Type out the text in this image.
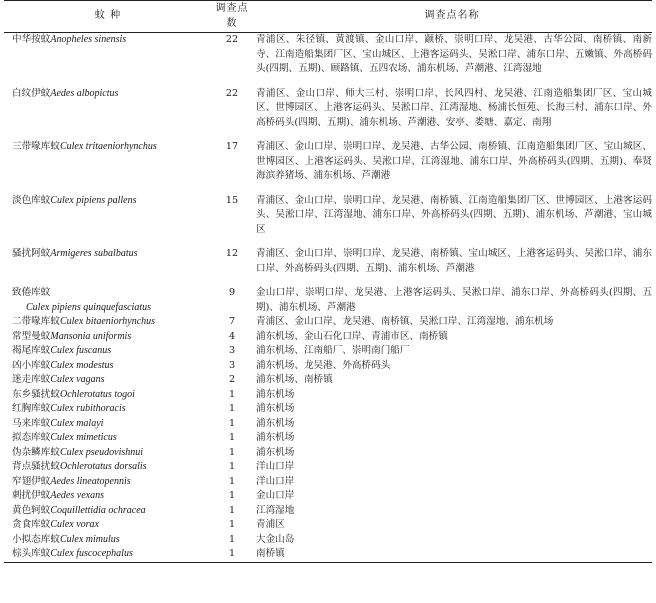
蚊 种	调查点数	调查点名称
中华按蚊Anopheles sinensis	22	青浦区、朱径镇、黄渡镇、金山口岸、颛桥、崇明口岸、龙吴港、古华公园、南桥镇、南新寺、江南造船集团厂区、宝山城区、上港客运码头、吴淞口岸、浦东口岸、五嫩镇、外高桥码头(四期、五期)、顾路镇、五四农场、浦东机场、芦潮港、江湾湿地
白纹伊蚊Aedes albopictus	22	青浦区、金山口岸、师大三村、崇明口岸、长风四村、龙吴港、江南造船集团厂区、宝山城区、世博园区、上港客运码头、吴淞口岸、江湾湿地、杨浦长恒苑、长海三村、浦东口岸、外高桥码头(四期、五期)、浦东机场、芦潮港、安亭、娄塘、嘉定、南翔
三带喙库蚊Culex tritaeniorhynchus	17	青浦区、金山口岸、崇明口岸、龙吴港、古华公园、南桥镇、江南造船集团厂区、宝山城区、世博园区、上港客运码头、吴淞口岸、江湾湿地、浦东口岸、外高桥码头(四期、五期)、奉贤海滨养猪场、浦东机场、芦潮港
淡色库蚊Culex pipiens pallens	15	青浦区、金山口岸、崇明口岸、龙吴港、南桥镇、江南造船集团厂区、世博园区、上港客运码头、吴淞口岸、江湾湿地、浦东口岸、外高桥码头(四期、五期)、浦东机场、芦潮港、宝山城区
骚扰阿蚊Armigeres subalbatus	12	青浦区、金山口岸、崇明口岸、龙吴港、南桥镇、宝山城区、上港客运码头、吴淞口岸、浦东口岸、外高桥码头(四期、五期)、浦东机场、芦潮港
致倦库蚊
Culex pipiens quinquefasciatus	9	金山口岸、崇明口岸、龙吴港、上港客运码头、吴淞口岸、浦东口岸、外高桥码头(四期、五期)、浦东机场、芦潮港
二带喙库蚊Culex bitaeniorhynchus	7	青浦区、金山口岸、龙吴港、南桥镇、吴淞口岸、江湾湿地、浦东机场
常型曼蚊Mansonia uniformis	4	浦东机场、金山石化口岸、青浦市区、南桥镇
褐尾库蚊Culex fuscanus	3	浦东机场、江南船厂、崇明南门船厂
凶小库蚊Culex modestus	3	浦东机场、龙吴港、外高桥码头
迷走库蚊Culex vagans	2	浦东机场、南桥镇
东乡骚扰蚊Ochlerotatus togoi	1	浦东机场
红胸库蚊Culex rubithoracis	1	浦东机场
马来库蚊Culex malayi	1	浦东机场
拟态库蚊Culex mimeticus	1	浦东机场
伪杂鳞库蚊Culex pseudovishnui	1	浦东机场
背点骚扰蚊Ochlerotatus dorsalis	1	洋山口岸
窄翅伊蚊Aedes lineatopennis	1	洋山口岸
刺扰伊蚊Aedes vexans	1	金山口岸
黄色轲蚊Coquillettidia ochracea	1	江湾湿地
贪食库蚊Culex vorax	1	青浦区
小拟态库蚊Culex mimulus	1	大金山岛
棕头库蚊Culex fuscocephalus	1	南桥镇
